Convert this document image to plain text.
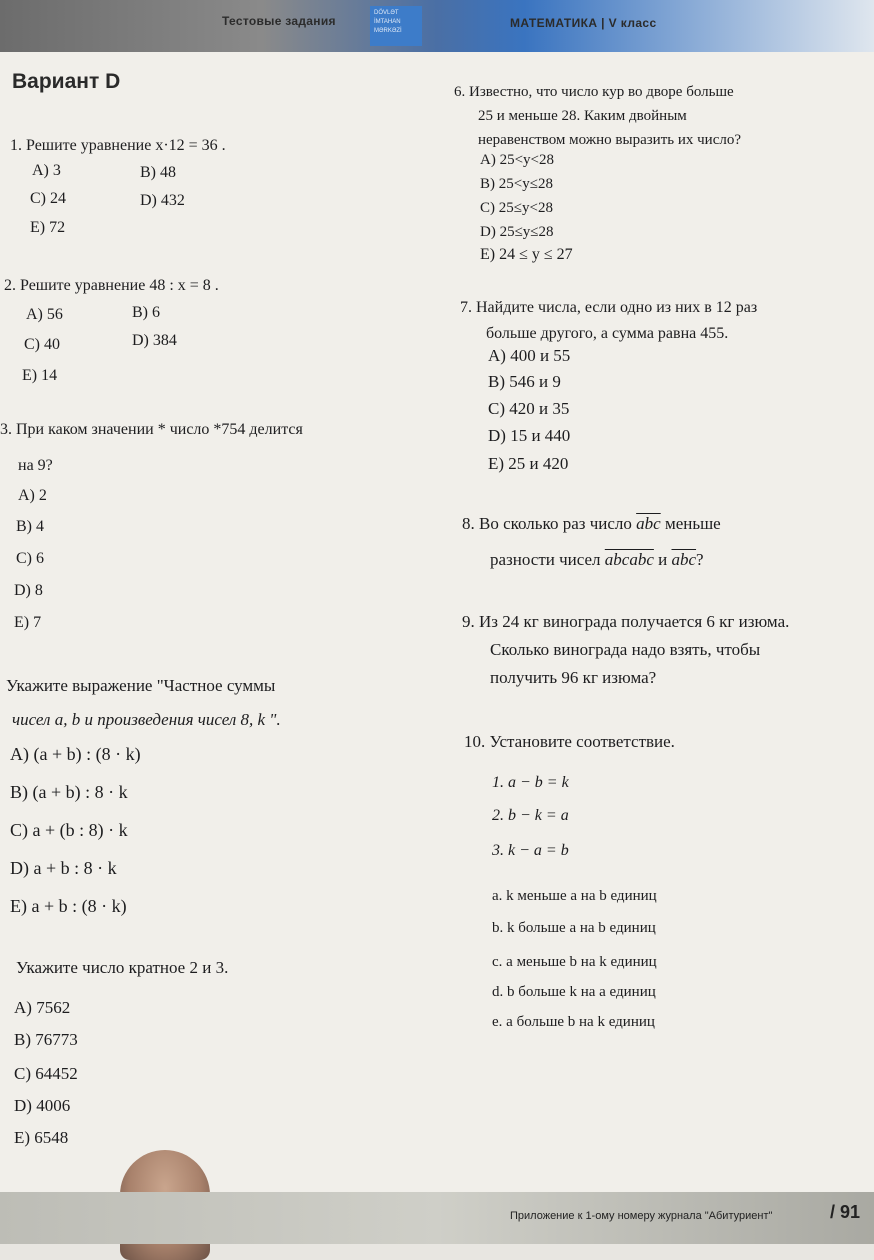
Тестовые задания
DÖVLƏT
İMTAHAN
MƏRKƏZİ
МАТЕМАТИКА | V класс
Вариант D
1. Решите уравнение x·12 = 36 .
A) 3	B) 48
C) 24	D) 432
E) 72
2. Решите уравнение 48 : x = 8 .
A) 56	B) 6
C) 40	D) 384
E) 14
3. При каком значении * число *754 делится
на 9?
A) 2
B) 4
C) 6
D) 8
E) 7
Укажите выражение "Частное суммы
чисел a, b и произведения чисел 8, k ".
A) (a + b) : (8 · k)
B) (a + b) : 8 · k
C) a + (b : 8) · k
D) a + b : 8 · k
E) a + b : (8 · k)
Укажите число кратное 2 и 3.
A) 7562
B) 76773
C) 64452
D) 4006
E) 6548
6. Известно, что число кур во дворе больше
25 и меньше 28. Каким двойным
неравенством можно выразить их число?
A) 25<y<28
B) 25<y≤28
C) 25≤y<28
D) 25≤y≤28
E) 24 ≤ y ≤ 27
7. Найдите числа, если одно из них в 12 раз
больше другого, а сумма равна 455.
A) 400 и 55
B) 546 и 9
C) 420 и 35
D) 15 и 440
E) 25 и 420
8. Во сколько раз число $\overline{abc}$ меньше
разности чисел abcabc и $\overline{abc}$?
9. Из 24 кг винограда получается 6 кг изюма.
Сколько винограда надо взять, чтобы
получить 96 кг изюма?
10. Установите соответствие.
1. a − b = k
2. b − k = a
3. k − a = b
a. k меньше a на b единиц
b. k больше a на b единиц
c. a меньше b на k единиц
d. b больше k на a единиц
e. a больше b на k единиц
Приложение к 1-ому номеру журнала "Абитуриент"	/ 91
